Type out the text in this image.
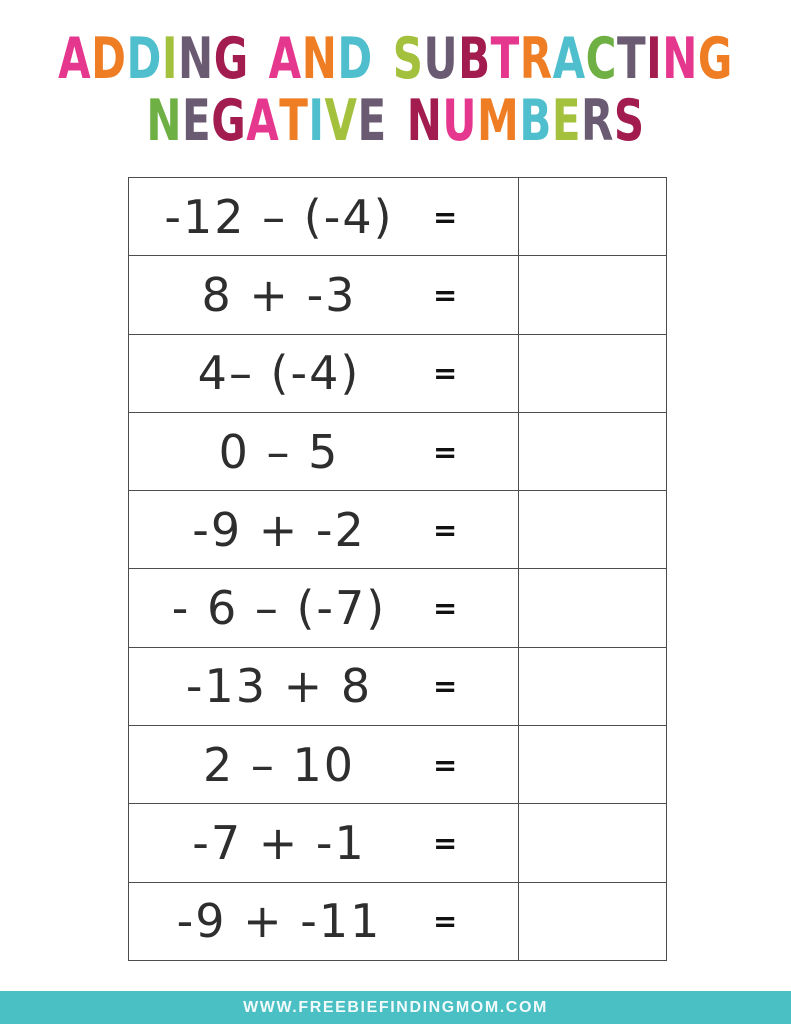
ADDING AND SUBTRACTING
NEGATIVE NUMBERS
-12 – (-4) =	

8 + -3 =	

4– (-4) =	

0 – 5 =	

-9 + -2 =	

- 6 – (-7) =	

-13 + 8 =	

2 – 10 =	

-7 + -1 =	

-9 + -11 =	

WWW.FREEBIEFINDINGMOM.COM
